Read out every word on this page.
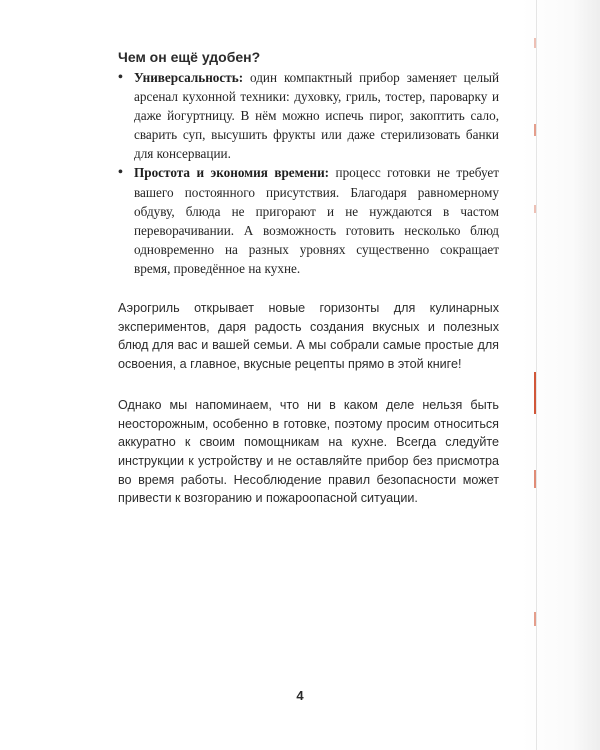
Чем он ещё удобен?
• Универсальность: один компактный прибор заменяет целый арсенал кухонной техники: духовку, гриль, тостер, пароварку и даже йогуртницу. В нём можно испечь пирог, закоптить сало, сварить суп, высушить фрукты или даже стерилизовать банки для консервации.
• Простота и экономия времени: процесс готовки не требует вашего постоянного присутствия. Благодаря равномерному обдуву, блюда не пригорают и не нуждаются в частом переворачивании. А возможность готовить несколько блюд одновременно на разных уровнях существенно сокращает время, проведённое на кухне.

Аэрогриль открывает новые горизонты для кулинарных экспериментов, даря радость создания вкусных и полезных блюд для вас и вашей семьи. А мы собрали самые простые для освоения, а главное, вкусные рецепты прямо в этой книге!

Однако мы напоминаем, что ни в каком деле нельзя быть неосторожным, особенно в готовке, поэтому просим относиться аккуратно к своим помощникам на кухне. Всегда следуйте инструкции к устройству и не оставляйте прибор без присмотра во время работы. Несоблюдение правил безопасности может привести к возгоранию и пожароопасной ситуации.

4
